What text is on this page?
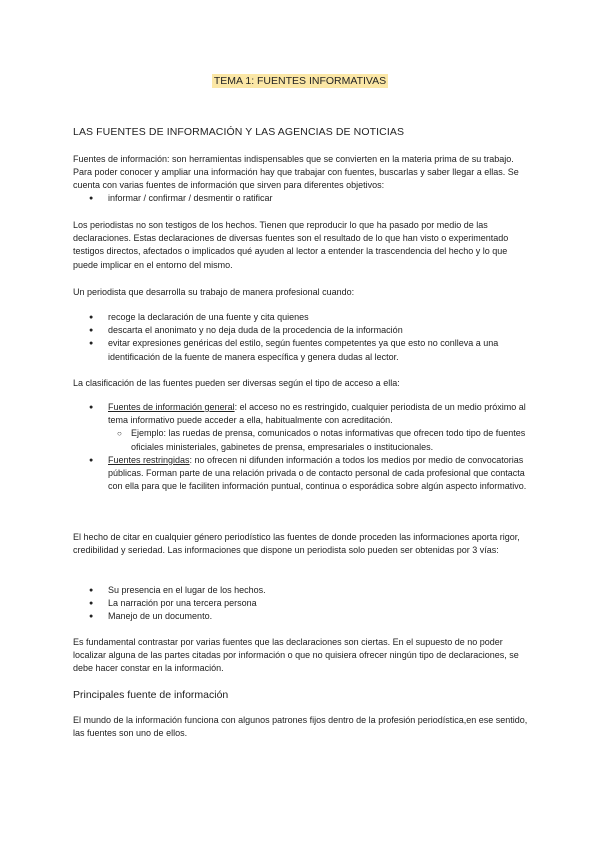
TEMA 1: FUENTES INFORMATIVAS
LAS FUENTES DE INFORMACIÓN Y LAS AGENCIAS DE NOTICIAS
Fuentes de información: son herramientas indispensables que se convierten en la materia prima de su trabajo. Para poder conocer y ampliar una información hay que trabajar con fuentes, buscarlas y saber llegar a ellas. Se cuenta con varias fuentes de información que sirven para diferentes objetivos:
● informar / confirmar / desmentir o ratificar
Los periodistas no son testigos de los hechos. Tienen que reproducir lo que ha pasado por medio de las declaraciones. Estas declaraciones de diversas fuentes son el resultado de lo que han visto o experimentado testigos directos, afectados o implicados qué ayuden al lector a entender la trascendencia del hecho y lo que puede implicar en el entorno del mismo.
Un periodista que desarrolla su trabajo de manera profesional cuando:
● recoge la declaración de una fuente y cita quienes
● descarta el anonimato y no deja duda de la procedencia de la información
● evitar expresiones genéricas del estilo, según fuentes competentes ya que esto no conlleva a una identificación de la fuente de manera específica y genera dudas al lector.
La clasificación de las fuentes pueden ser diversas según el tipo de acceso a ella:
● Fuentes de información general: el acceso no es restringido, cualquier periodista de un medio próximo al tema informativo puede acceder a ella, habitualmente con acreditación.
○ Ejemplo: las ruedas de prensa, comunicados o notas informativas que ofrecen todo tipo de fuentes oficiales ministeriales, gabinetes de prensa, empresariales o institucionales.
● Fuentes restringidas: no ofrecen ni difunden información a todos los medios por medio de convocatorias públicas. Forman parte de una relación privada o de contacto personal de cada profesional que contacta con ella para que le faciliten información puntual, continua o esporádica sobre algún aspecto informativo.
El hecho de citar en cualquier género periodístico las fuentes de donde proceden las informaciones aporta rigor, credibilidad y seriedad. Las informaciones que dispone un periodista solo pueden ser obtenidas por 3 vías:
● Su presencia en el lugar de los hechos.
● La narración por una tercera persona
● Manejo de un documento.
Es fundamental contrastar por varias fuentes que las declaraciones son ciertas. En el supuesto de no poder localizar alguna de las partes citadas por información o que no quisiera ofrecer ningún tipo de declaraciones, se debe hacer constar en la información.
Principales fuente de información
El mundo de la información funciona con algunos patrones fijos dentro de la profesión periodística,en ese sentido, las fuentes son uno de ellos.
